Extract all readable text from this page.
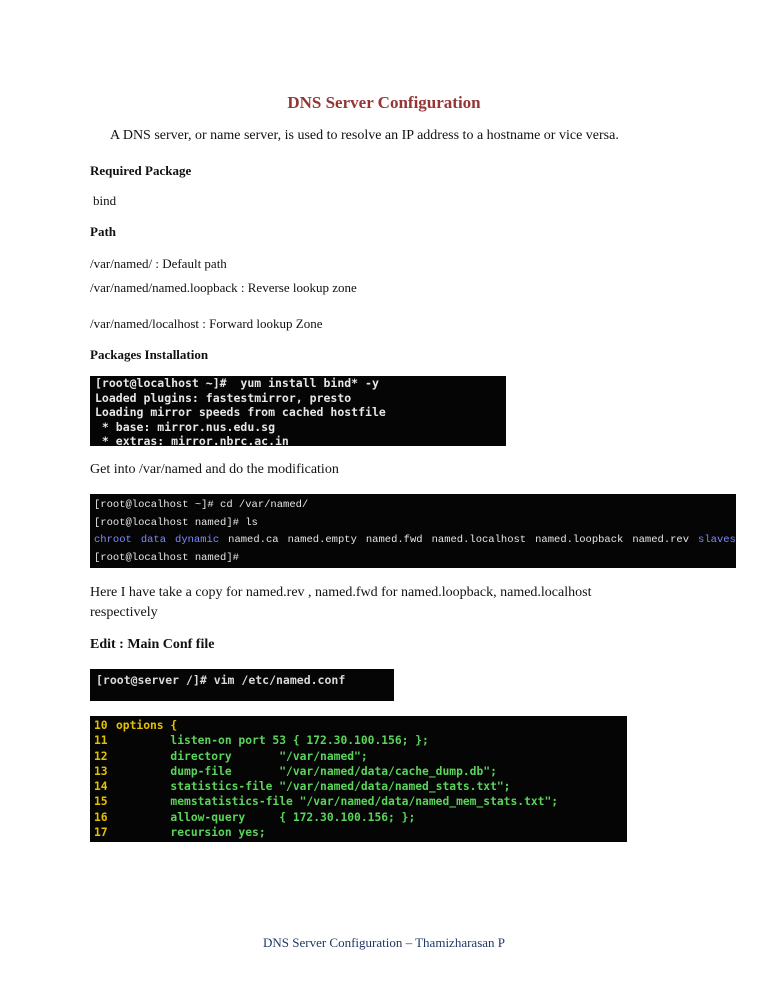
DNS Server Configuration
A DNS server, or name server, is used to resolve an IP address to a hostname or vice versa.
Required Package
bind
Path
/var/named/ : Default path
/var/named/named.loopback : Reverse lookup zone
/var/named/localhost : Forward lookup Zone
Packages Installation
[root@localhost ~]#  yum install bind* -y
Loaded plugins: fastestmirror, presto
Loading mirror speeds from cached hostfile
* base: mirror.nus.edu.sg
* extras: mirror.nbrc.ac.in
Get into /var/named and do the modification
[root@localhost ~]# cd /var/named/
[root@localhost named]# ls
chroot data dynamic named.ca named.empty named.fwd named.localhost named.loopback named.rev slaves
[root@localhost named]#
Here I have take a copy for named.rev , named.fwd for named.loopback, named.localhost
respectively
Edit : Main Conf file
[root@server /]# vim /etc/named.conf
10 options {
11        listen-on port 53 { 172.30.100.156; };
12        directory       "/var/named";
13        dump-file       "/var/named/data/cache_dump.db";
14        statistics-file "/var/named/data/named_stats.txt";
15        memstatistics-file "/var/named/data/named_mem_stats.txt";
16        allow-query     { 172.30.100.156; };
17        recursion yes;
DNS Server Configuration – Thamizharasan P
